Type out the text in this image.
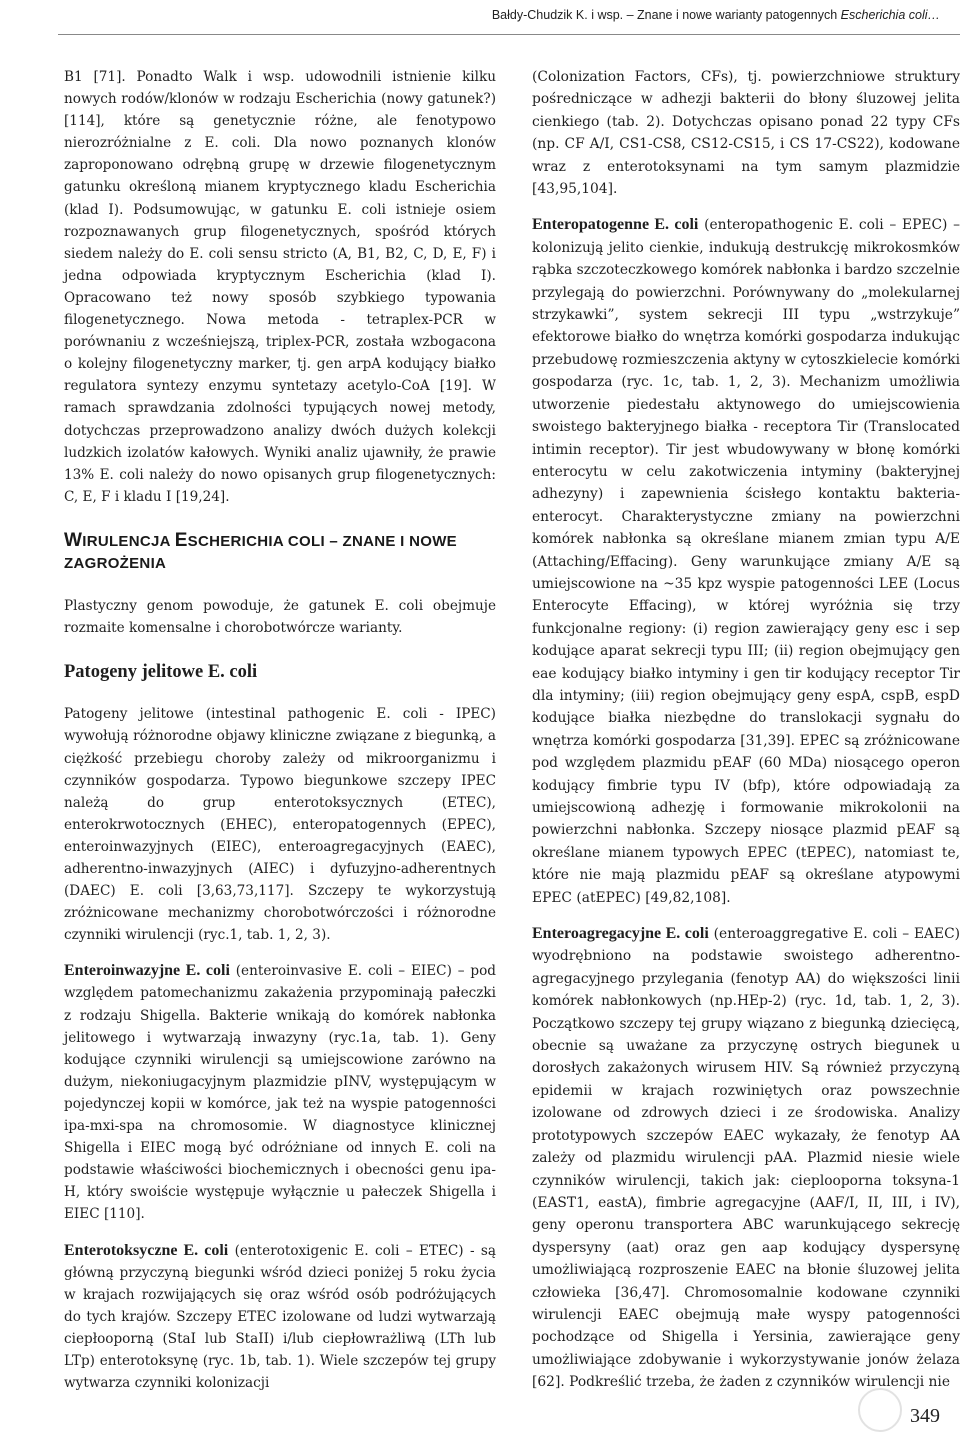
Bałdy-Chudzik K. i wsp. – Znane i nowe warianty patogennych Escherichia coli…

B1 [71]. Ponadto Walk i wsp. udowodnili istnienie kilku nowych rodów/klonów w rodzaju Escherichia (nowy gatunek?) [114], które są genetycznie różne, ale fenotypowo nierozróżnialne z E. coli. Dla nowo poznanych klonów zaproponowano odrębną grupę w drzewie filogenetycznym gatunku określoną mianem kryptycznego kladu Escherichia (klad I). Podsumowując, w gatunku E. coli istnieje osiem rozpoznawanych grup filogenetycznych, spośród których siedem należy do E. coli sensu stricto (A, B1, B2, C, D, E, F) i jedna odpowiada kryptycznym Escherichia (klad I). Opracowano też nowy sposób szybkiego typowania filogenetycznego. Nowa metoda - tetraplex-PCR w porównaniu z wcześniejszą, triplex-PCR, została wzbogacona o kolejny filogenetyczny marker, tj. gen arpA kodujący białko regulatora syntezy enzymu syntetazy acetylo-CoA [19]. W ramach sprawdzania zdolności typujących nowej metody, dotychczas przeprowadzono analizy dwóch dużych kolekcji ludzkich izolatów kałowych. Wyniki analiz ujawniły, że prawie 13% E. coli należy do nowo opisanych grup filogenetycznych: C, E, F i kladu I [19,24].

WIRULENCJA ESCHERICHIA COLI – ZNANE I NOWE ZAGROŻENIA

Plastyczny genom powoduje, że gatunek E. coli obejmuje rozmaite komensalne i chorobotwórcze warianty.

Patogeny jelitowe E. coli

Patogeny jelitowe (intestinal pathogenic E. coli - IPEC) wywołują różnorodne objawy kliniczne związane z biegunką, a ciężkość przebiegu choroby zależy od mikroorganizmu i czynników gospodarza. Typowo biegunkowe szczepy IPEC należą do grup enterotoksycznych (ETEC), enterokrwotocznych (EHEC), enteropatogennych (EPEC), enteroinwazyjnych (EIEC), enteroagregacyjnych (EAEC), adherentno-inwazyjnych (AIEC) i dyfuzyjno-adherentnych (DAEC) E. coli [3,63,73,117]. Szczepy te wykorzystują zróżnicowane mechanizmy chorobotwórczości i różnorodne czynniki wirulencji (ryc.1, tab. 1, 2, 3).

Enteroinwazyjne E. coli (enteroinvasive E. coli – EIEC) – pod względem patomechanizmu zakażenia przypominają pałeczki z rodzaju Shigella. Bakterie wnikają do komórek nabłonka jelitowego i wytwarzają inwazyny (ryc.1a, tab. 1). Geny kodujące czynniki wirulencji są umiejscowione zarówno na dużym, niekoniugacyjnym plazmidzie pINV, występującym w pojedynczej kopii w komórce, jak też na wyspie patogenności ipa-mxi-spa na chromosomie. W diagnostyce klinicznej Shigella i EIEC mogą być odróżniane od innych E. coli na podstawie właściwości biochemicznych i obecności genu ipa-H, który swoiście występuje wyłącznie u pałeczek Shigella i EIEC [110].

Enterotoksyczne E. coli (enterotoxigenic E. coli – ETEC) - są główną przyczyną biegunki wśród dzieci poniżej 5 roku życia w krajach rozwijających się oraz wśród osób podróżujących do tych krajów. Szczepy ETEC izolowane od ludzi wytwarzają ciepłooporną (StaI lub StaII) i/lub ciepłowrażliwą (LTh lub LTp) enterotoksynę (ryc. 1b, tab. 1). Wiele szczepów tej grupy wytwarza czynniki kolonizacji

(Colonization Factors, CFs), tj. powierzchniowe struktury pośredniczące w adhezji bakterii do błony śluzowej jelita cienkiego (tab. 2). Dotychczas opisano ponad 22 typy CFs (np. CF A/I, CS1-CS8, CS12-CS15, i CS 17-CS22), kodowane wraz z enterotoksynami na tym samym plazmidzie [43,95,104].

Enteropatogenne E. coli (enteropathogenic E. coli – EPEC) – kolonizują jelito cienkie, indukują destrukcję mikrokosmków rąbka szczoteczkowego komórek nabłonka i bardzo szczelnie przylegają do powierzchni. Porównywany do „molekularnej strzykawki”, system sekrecji III typu „wstrzykuje” efektorowe białko do wnętrza komórki gospodarza indukując przebudowę rozmieszczenia aktyny w cytoszkielecie komórki gospodarza (ryc. 1c, tab. 1, 2, 3). Mechanizm umożliwia utworzenie piedestału aktynowego do umiejscowienia swoistego bakteryjnego białka - receptora Tir (Translocated intimin receptor). Tir jest wbudowywany w błonę komórki enterocytu w celu zakotwiczenia intyminy (bakteryjnej adhezyny) i zapewnienia ścisłego kontaktu bakteria-enterocyt. Charakterystyczne zmiany na powierzchni komórek nabłonka są określane mianem zmian typu A/E (Attaching/Effacing). Geny warunkujące zmiany A/E są umiejscowione na ~35 kpz wyspie patogenności LEE (Locus Enterocyte Effacing), w której wyróżnia się trzy funkcjonalne regiony: (i) region zawierający geny esc i sep kodujące aparat sekrecji typu III; (ii) region obejmujący gen eae kodujący białko intyminy i gen tir kodujący receptor Tir dla intyminy; (iii) region obejmujący geny espA, cspB, espD kodujące białka niezbędne do translokacji sygnału do wnętrza komórki gospodarza [31,39]. EPEC są zróżnicowane pod względem plazmidu pEAF (60 MDa) niosącego operon kodujący fimbrie typu IV (bfp), które odpowiadają za umiejscowioną adhezję i formowanie mikrokolonii na powierzchni nabłonka. Szczepy niosące plazmid pEAF są określane mianem typowych EPEC (tEPEC), natomiast te, które nie mają plazmidu pEAF są określane atypowymi EPEC (atEPEC) [49,82,108].

Enteroagregacyjne E. coli (enteroaggregative E. coli – EAEC) wyodrębniono na podstawie swoistego adherentno-agregacyjnego przylegania (fenotyp AA) do większości linii komórek nabłonkowych (np.HEp-2) (ryc. 1d, tab. 1, 2, 3). Początkowo szczepy tej grupy wiązano z biegunką dziecięcą, obecnie są uważane za przyczynę ostrych biegunek u dorosłych zakażonych wirusem HIV. Są również przyczyną epidemii w krajach rozwiniętych oraz powszechnie izolowane od zdrowych dzieci i ze środowiska. Analizy prototypowych szczepów EAEC wykazały, że fenotyp AA zależy od plazmidu wirulencji pAA. Plazmid niesie wiele czynników wirulencji, takich jak: cieplooporna toksyna-1 (EAST1, eastA), fimbrie agregacyjne (AAF/I, II, III, i IV), geny operonu transportera ABC warunkującego sekrecję dyspersyny (aat) oraz gen aap kodujący dyspersynę umożliwiającą rozproszenie EAEC na błonie śluzowej jelita człowieka [36,47]. Chromosomalnie kodowane czynniki wirulencji EAEC obejmują małe wyspy patogenności pochodzące od Shigella i Yersinia, zawierające geny umożliwiające zdobywanie i wykorzystywanie jonów żelaza [62]. Podkreślić trzeba, że żaden z czynników wirulencji nie

349
